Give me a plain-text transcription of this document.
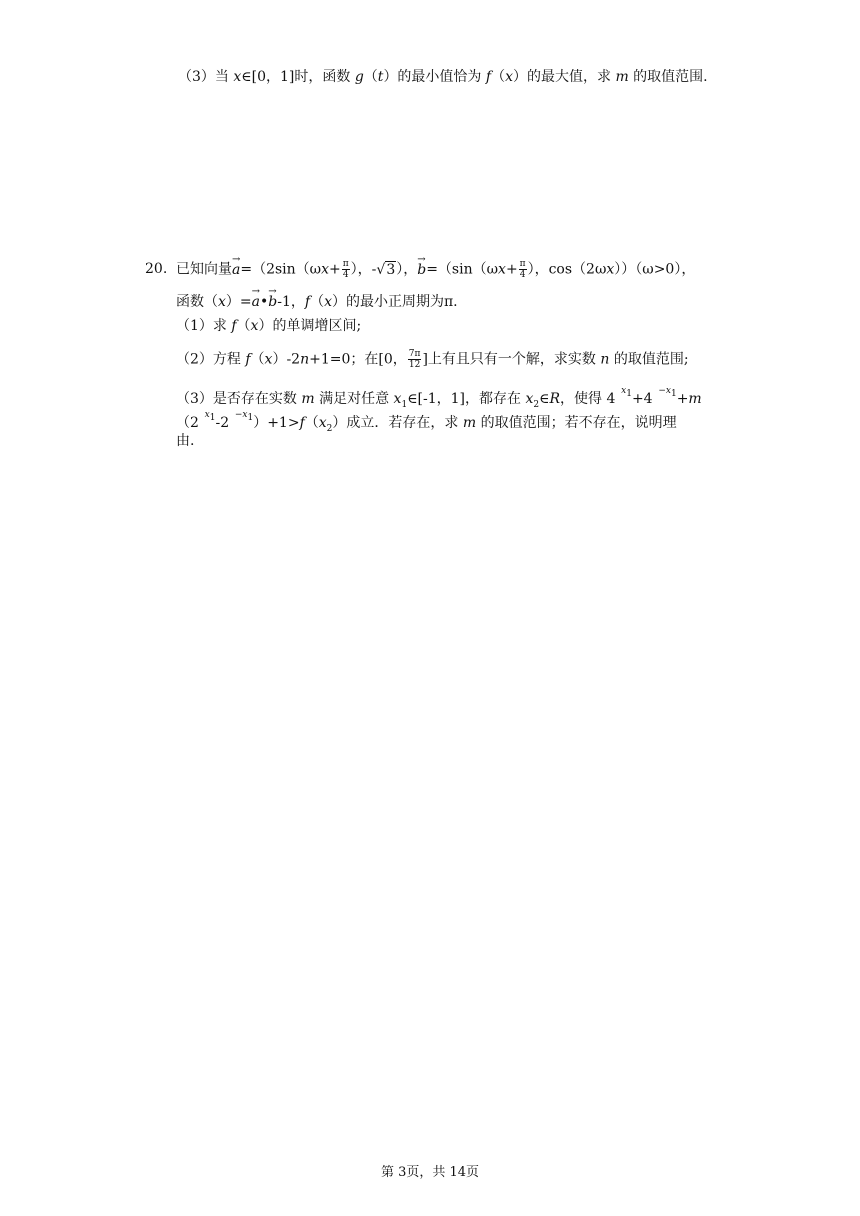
（3）当 x∈[0，1]时，函数 g（t）的最小值恰为 f（x）的最大值，求 m 的取值范围.
20. 已知向量→ $a=(2\sin(\omega x+ \frac{\pi}{4}$ ），-√3），→ $b=(\sin(\omega x+ \frac{\pi}{4}$ ），cos（2ωx））（ω>0），
函数（x）=→ a•→ b-1，f（x）的最小正周期为π.
（1）求 f（x）的单调增区间;
（2）方程 f（x）-2n+1=0；在[0， $\frac{7\pi}{12}$ ]上有且只有一个解，求实数 n 的取值范围;
（3）是否存在实数 m 满足对任意 $x_1\in[-1$，1]，都存在 $x_2\in R$，使得 4 $^{x_1}$+4 $^{-x_1}$+m
（2 $^{x_1}$-2 $^{-x_1})+1>f(x_2)$成立．若存在，求 m 的取值范围；若不存在，说明理
由.
第 3页，共 14页
